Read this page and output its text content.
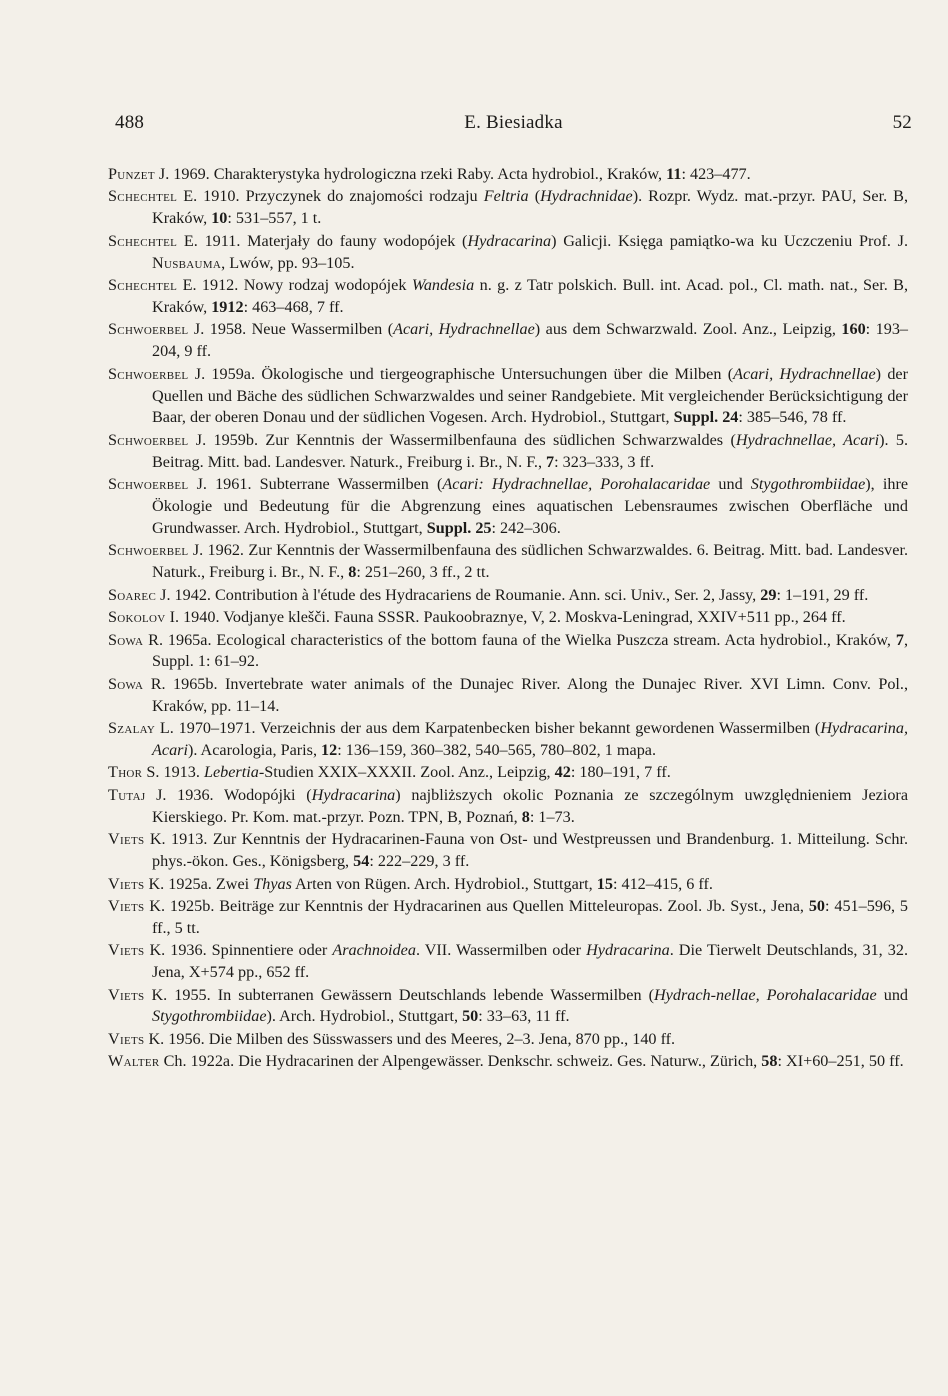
488	E. Biesiadka	52

Punzet J. 1969. Charakterystyka hydrologiczna rzeki Raby. Acta hydrobiol., Kraków, 11: 423–477.

Schechtel E. 1910. Przyczynek do znajomości rodzaju Feltria (Hydrachnidae). Rozpr. Wydz. mat.-przyr. PAU, Ser. B, Kraków, 10: 531–557, 1 t.

Schechtel E. 1911. Materjały do fauny wodopójek (Hydracarina) Galicji. Księga pamiątko-wa ku Uczczeniu Prof. J. Nusbauma, Lwów, pp. 93–105.

Schechtel E. 1912. Nowy rodzaj wodopójek Wandesia n. g. z Tatr polskich. Bull. int. Acad. pol., Cl. math. nat., Ser. B, Kraków, 1912: 463–468, 7 ff.

Schwoerbel J. 1958. Neue Wassermilben (Acari, Hydrachnellae) aus dem Schwarzwald. Zool. Anz., Leipzig, 160: 193–204, 9 ff.

Schwoerbel J. 1959a. Ökologische und tiergeographische Untersuchungen über die Milben (Acari, Hydrachnellae) der Quellen und Bäche des südlichen Schwarzwaldes und seiner Randgebiete. Mit vergleichender Berücksichtigung der Baar, der oberen Donau und der südlichen Vogesen. Arch. Hydrobiol., Stuttgart, Suppl. 24: 385–546, 78 ff.

Schwoerbel J. 1959b. Zur Kenntnis der Wassermilbenfauna des südlichen Schwarzwaldes (Hydrachnellae, Acari). 5. Beitrag. Mitt. bad. Landesver. Naturk., Freiburg i. Br., N. F., 7: 323–333, 3 ff.

Schwoerbel J. 1961. Subterrane Wassermilben (Acari: Hydrachnellae, Porohalacaridae und Stygothrombiidae), ihre Ökologie und Bedeutung für die Abgrenzung eines aquatischen Lebensraumes zwischen Oberfläche und Grundwasser. Arch. Hydrobiol., Stuttgart, Suppl. 25: 242–306.

Schwoerbel J. 1962. Zur Kenntnis der Wassermilbenfauna des südlichen Schwarzwaldes. 6. Beitrag. Mitt. bad. Landesver. Naturk., Freiburg i. Br., N. F., 8: 251–260, 3 ff., 2 tt.

Soarec J. 1942. Contribution à l'étude des Hydracariens de Roumanie. Ann. sci. Univ., Ser. 2, Jassy, 29: 1–191, 29 ff.

Sokolov I. 1940. Vodjanye klešči. Fauna SSSR. Paukoobraznye, V, 2. Moskva-Leningrad, XXIV+511 pp., 264 ff.

Sowa R. 1965a. Ecological characteristics of the bottom fauna of the Wielka Puszcza stream. Acta hydrobiol., Kraków, 7, Suppl. 1: 61–92.

Sowa R. 1965b. Invertebrate water animals of the Dunajec River. Along the Dunajec River. XVI Limn. Conv. Pol., Kraków, pp. 11–14.

Szalay L. 1970–1971. Verzeichnis der aus dem Karpatenbecken bisher bekannt gewordenen Wassermilben (Hydracarina, Acari). Acarologia, Paris, 12: 136–159, 360–382, 540–565, 780–802, 1 mapa.

Thor S. 1913. Lebertia-Studien XXIX–XXXII. Zool. Anz., Leipzig, 42: 180–191, 7 ff.

Tutaj J. 1936. Wodopójki (Hydracarina) najbliższych okolic Poznania ze szczególnym uwzględnieniem Jeziora Kierskiego. Pr. Kom. mat.-przyr. Pozn. TPN, B, Poznań, 8: 1–73.

Viets K. 1913. Zur Kenntnis der Hydracarinen-Fauna von Ost- und Westpreussen und Brandenburg. 1. Mitteilung. Schr. phys.-ökon. Ges., Königsberg, 54: 222–229, 3 ff.

Viets K. 1925a. Zwei Thyas Arten von Rügen. Arch. Hydrobiol., Stuttgart, 15: 412–415, 6 ff.

Viets K. 1925b. Beiträge zur Kenntnis der Hydracarinen aus Quellen Mitteleuropas. Zool. Jb. Syst., Jena, 50: 451–596, 5 ff., 5 tt.

Viets K. 1936. Spinnentiere oder Arachnoidea. VII. Wassermilben oder Hydracarina. Die Tierwelt Deutschlands, 31, 32. Jena, X+574 pp., 652 ff.

Viets K. 1955. In subterranen Gewässern Deutschlands lebende Wassermilben (Hydrach-nellae, Porohalacaridae und Stygothrombiidae). Arch. Hydrobiol., Stuttgart, 50: 33–63, 11 ff.

Viets K. 1956. Die Milben des Süsswassers und des Meeres, 2–3. Jena, 870 pp., 140 ff.

Walter Ch. 1922a. Die Hydracarinen der Alpengewässer. Denkschr. schweiz. Ges. Naturw., Zürich, 58: XI+60–251, 50 ff.
